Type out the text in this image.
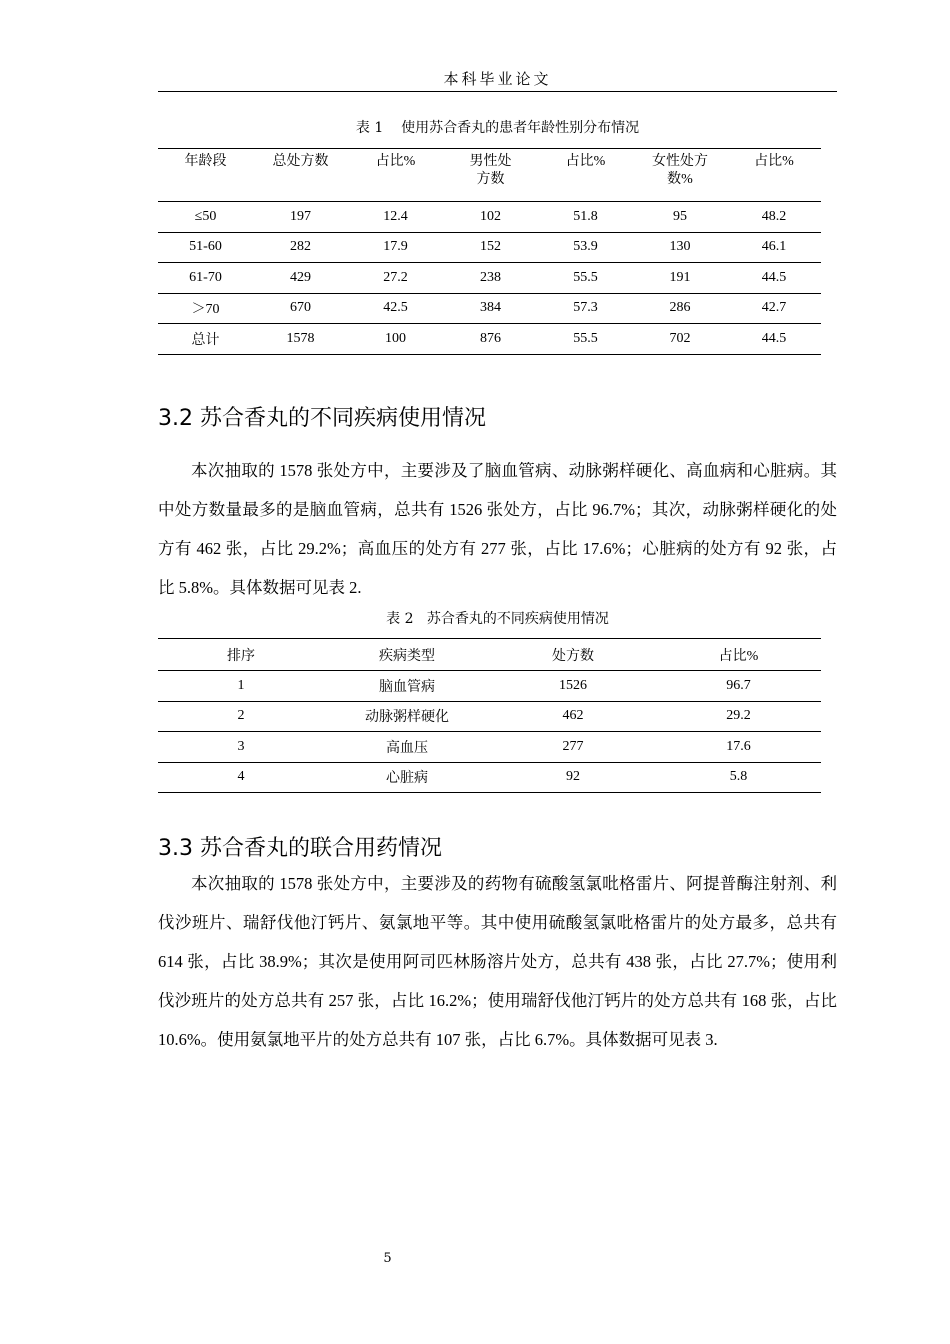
本科毕业论文
表 1    使用苏合香丸的患者年龄性别分布情况
年龄段	总处方数	占比%	男性处方数	占比%	女性处方数%	占比%
≤50	197	12.4	102	51.8	95	48.2
51-60	282	17.9	152	53.9	130	46.1
61-70	429	27.2	238	55.5	191	44.5
＞70	670	42.5	384	57.3	286	42.7
总计	1578	100	876	55.5	702	44.5
3.2 苏合香丸的不同疾病使用情况
本次抽取的 1578 张处方中，主要涉及了脑血管病、动脉粥样硬化、高血病和心脏病。其中处方数量最多的是脑血管病，总共有 1526 张处方，占比 96.7%；其次，动脉粥样硬化的处方有 462 张，占比 29.2%；高血压的处方有 277 张，占比 17.6%；心脏病的处方有 92 张，占比 5.8%。具体数据可见表 2.
表 2   苏合香丸的不同疾病使用情况
排序	疾病类型	处方数	占比%
1	脑血管病	1526	96.7
2	动脉粥样硬化	462	29.2
3	高血压	277	17.6
4	心脏病	92	5.8
3.3 苏合香丸的联合用药情况
本次抽取的 1578 张处方中，主要涉及的药物有硫酸氢氯吡格雷片、阿提普酶注射剂、利伐沙班片、瑞舒伐他汀钙片、氨氯地平等。其中使用硫酸氢氯吡格雷片的处方最多，总共有 614 张，占比 38.9%；其次是使用阿司匹林肠溶片处方，总共有 438 张，占比 27.7%；使用利伐沙班片的处方总共有 257 张，占比 16.2%；使用瑞舒伐他汀钙片的处方总共有 168 张，占比 10.6%。使用氨氯地平片的处方总共有 107 张，占比 6.7%。具体数据可见表 3.
5
